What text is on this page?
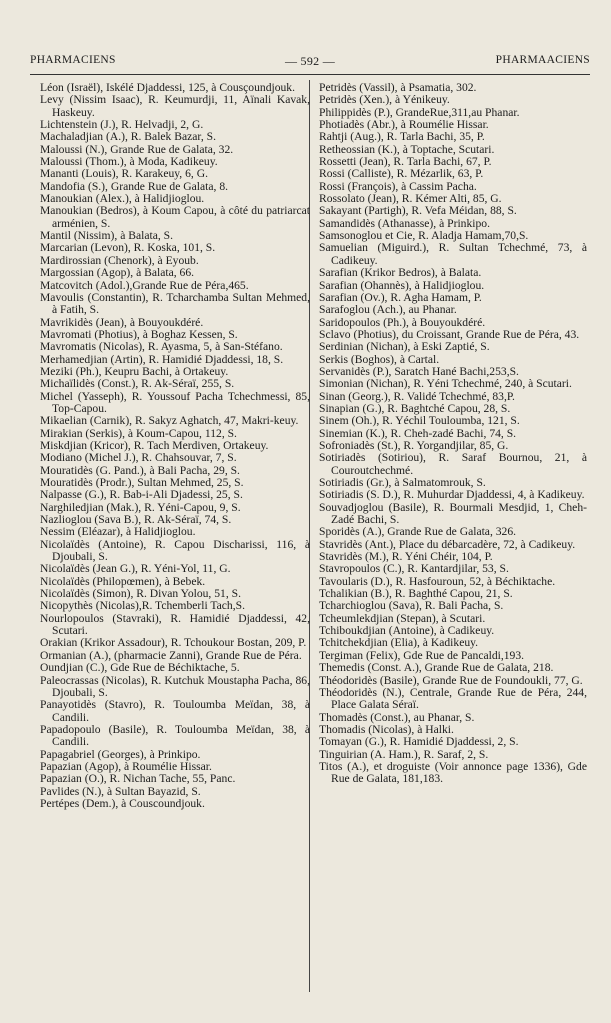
PHARMACIENS	— 592 —	PHARMAACIENS

Léon (Israël), Iskélé Djaddessi, 125, à Cousçoundjouk.

Levy (Nissim Isaac), R. Keumurdji, 11, Aïnali Kavak, Haskeuy.

Lichtenstein (J.), R. Helvadji, 2, G.

Machaladjian (A.), R. Balek Bazar, S.

Maloussi (N.), Grande Rue de Galata, 32.

Maloussi (Thom.), à Moda, Kadikeuy.

Mananti (Louis), R. Karakeuy, 6, G.

Mandofia (S.), Grande Rue de Galata, 8.

Manoukian (Alex.), à Halidjioglou.

Manoukian (Bedros), à Koum Capou, à côté du patriarcat arménien, S.

Mantil (Nissim), à Balata, S.

Marcarian (Levon), R. Koska, 101, S.

Mardirossian (Chenork), à Eyoub.

Margossian (Agop), à Balata, 66.

Matcovitch (Adol.),Grande Rue de Péra,465.

Mavoulis (Constantin), R. Tcharchamba Sultan Mehmed, à Fatih, S.

Mavrikidès (Jean), à Bouyoukdéré.

Mavromati (Photius), à Boghaz Kessen, S.

Mavromatis (Nicolas), R. Ayasma, 5, à San-Stéfano.

Merhamedjian (Artin), R. Hamidié Djaddessi, 18, S.

Meziki (Ph.), Keupru Bachi, à Ortakeuy.

Michaïlidès (Const.), R. Ak-Séraï, 255, S.

Michel (Yasseph), R. Youssouf Pacha Tchechmessi, 85, Top-Capou.

Mikaelian (Carnik), R. Sakyz Aghatch, 47, Makri-keuy.

Mirakian (Serkis), à Koum-Capou, 112, S.

Miskdjian (Kricor), R. Tach Merdiven, Ortakeuy.

Modiano (Michel J.), R. Chahsouvar, 7, S.

Mouratidès (G. Pand.), à Bali Pacha, 29, S.

Mouratidès (Prodr.), Sultan Mehmed, 25, S.

Nalpasse (G.), R. Bab-i-Ali Djadessi, 25, S.

Narghiledjian (Mak.), R. Yéni-Capou, 9, S.

Nazlioglou (Sava B.), R. Ak-Séraï, 74, S.

Nessim (Eléazar), à Halidjioglou.

Nicolaïdès (Antoine), R. Capou Discharissi, 116, à Djoubali, S.

Nicolaïdès (Jean G.), R. Yéni-Yol, 11, G.

Nicolaïdès (Philopœmen), à Bebek.

Nicolaïdès (Simon), R. Divan Yolou, 51, S.

Nicopythès (Nicolas),R. Tchemberli Tach,S.

Nourlopoulos (Stavraki), R. Hamidié Djaddessi, 42, Scutari.

Orakian (Krikor Assadour), R. Tchoukour Bostan, 209, P.

Ormanian (A.), (pharmacie Zanni), Grande Rue de Péra.

Oundjian (C.), Gde Rue de Béchiktache, 5.

Paleocrassas (Nicolas), R. Kutchuk Moustapha Pacha, 86, Djoubali, S.

Panayotidès (Stavro), R. Touloumba Meïdan, 38, à Candili.

Papadopoulo (Basile), R. Touloumba Meïdan, 38, à Candili.

Papagabriel (Georges), à Prinkipo.

Papazian (Agop), à Roumélie Hissar.

Papazian (O.), R. Nichan Tache, 55, Panc.

Pavlides (N.), à Sultan Bayazid, S.

Pertépes (Dem.), à Couscoundjouk.

Petridès (Vassil), à Psamatia, 302.

Petridès (Xen.), à Yénikeuy.

Philippidès (P.), GrandeRue,311,au Phanar.

Photiadès (Abr.), à Roumélie Hissar.

Rahtji (Aug.), R. Tarla Bachi, 35, P.

Retheossian (K.), à Toptache, Scutari.

Rossetti (Jean), R. Tarla Bachi, 67, P.

Rossi (Calliste), R. Mézarlik, 63, P.

Rossi (François), à Cassim Pacha.

Rossolato (Jean), R. Kémer Alti, 85, G.

Sakayant (Partigh), R. Vefa Méidan, 88, S.

Samandidès (Athanasse), à Prinkipo.

Samsonoglou et Cie, R. Aladja Hamam,70,S.

Samuelian (Miguird.), R. Sultan Tchechmé, 73, à Cadikeuy.

Sarafian (Krikor Bedros), à Balata.

Sarafian (Ohannès), à Halidjioglou.

Sarafian (Ov.), R. Agha Hamam, P.

Sarafoglou (Ach.), au Phanar.

Saridopoulos (Ph.), à Bouyoukdéré.

Sclavo (Photius), du Croissant, Grande Rue de Péra, 43.

Serdinian (Nichan), à Eski Zaptié, S.

Serkis (Boghos), à Cartal.

Servanidès (P.), Saratch Hané Bachi,253,S.

Simonian (Nichan), R. Yéni Tchechmé, 240, à Scutari.

Sinan (Georg.), R. Validé Tchechmé, 83,P.

Sinapian (G.), R. Baghtché Capou, 28, S.

Sinem (Oh.), R. Yéchil Touloumba, 121, S.

Sinemian (K.), R. Cheh-zadé Bachi, 74, S.

Sofroniadès (St.), R. Yorgandjilar, 85, G.

Sotiriadès (Sotiriou), R. Saraf Bournou, 21, à Couroutchechmé.

Sotiriadis (Gr.), à Salmatomrouk, S.

Sotiriadis (S. D.), R. Muhurdar Djaddessi, 4, à Kadikeuy.

Souvadjoglou (Basile), R. Bourmali Mesdjid, 1, Cheh-Zadé Bachi, S.

Sporidès (A.), Grande Rue de Galata, 326.

Stavridès (Ant.), Place du débarcadère, 72, à Cadikeuy.

Stavridès (M.), R. Yéni Chéir, 104, P.

Stavropoulos (C.), R. Kantardjilar, 53, S.

Tavoularis (D.), R. Hasfouroun, 52, à Béchiktache.

Tchalikian (B.), R. Baghthé Capou, 21, S.

Tcharchioglou (Sava), R. Bali Pacha, S.

Tcheumlekdjian (Stepan), à Scutari.

Tchiboukdjian (Antoine), à Cadikeuy.

Tchitchekdjian (Elia), à Kadikeuy.

Tergiman (Felix), Gde Rue de Pancaldi,193.

Themedis (Const. A.), Grande Rue de Galata, 218.

Théodoridès (Basile), Grande Rue de Foundoukli, 77, G.

Théodoridès (N.), Centrale, Grande Rue de Péra, 244, Place Galata Séraï.

Thomadès (Const.), au Phanar, S.

Thomadis (Nicolas), à Halki.

Tomayan (G.), R. Hamidié Djaddessi, 2, S.

Tinguirian (A. Ham.), R. Saraf, 2, S.

Titos (A.), et droguiste (Voir annonce page 1336), Gde Rue de Galata, 181,183.
